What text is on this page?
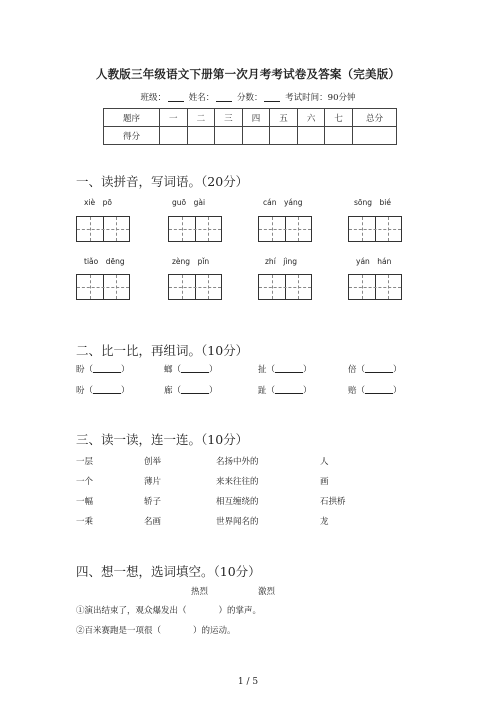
人教版三年级语文下册第一次月考考试卷及答案（完美版）
班级：	姓名：	分数：	考试时间：90分钟
题序	一	二	三	四	五	六	七	总分
得分								
一、读拼音，写词语。（20分）
xiè　pō	guō　gài	cán　yáng	sōng　bié
tiǎo　dēng	zèng　pǐn	zhí　jìng	yán　hán
二、比一比，再组词。（10分）
盼（	）	螂（	）	扯（	）	倍（	）
吩（	）	廊（	）	趾（	）	赔（	）
三、读一读，连一连。（10分）
一层	创举	名扬中外的	人
一个	薄片	来来往往的	画
一幅	轿子	相互缠绕的	石拱桥
一乘	名画	世界闻名的	龙
四、想一想，选词填空。（10分）
热烈	激烈
①演出结束了，观众爆发出（	）的掌声。
②百米赛跑是一项很（	）的运动。
1 / 5
